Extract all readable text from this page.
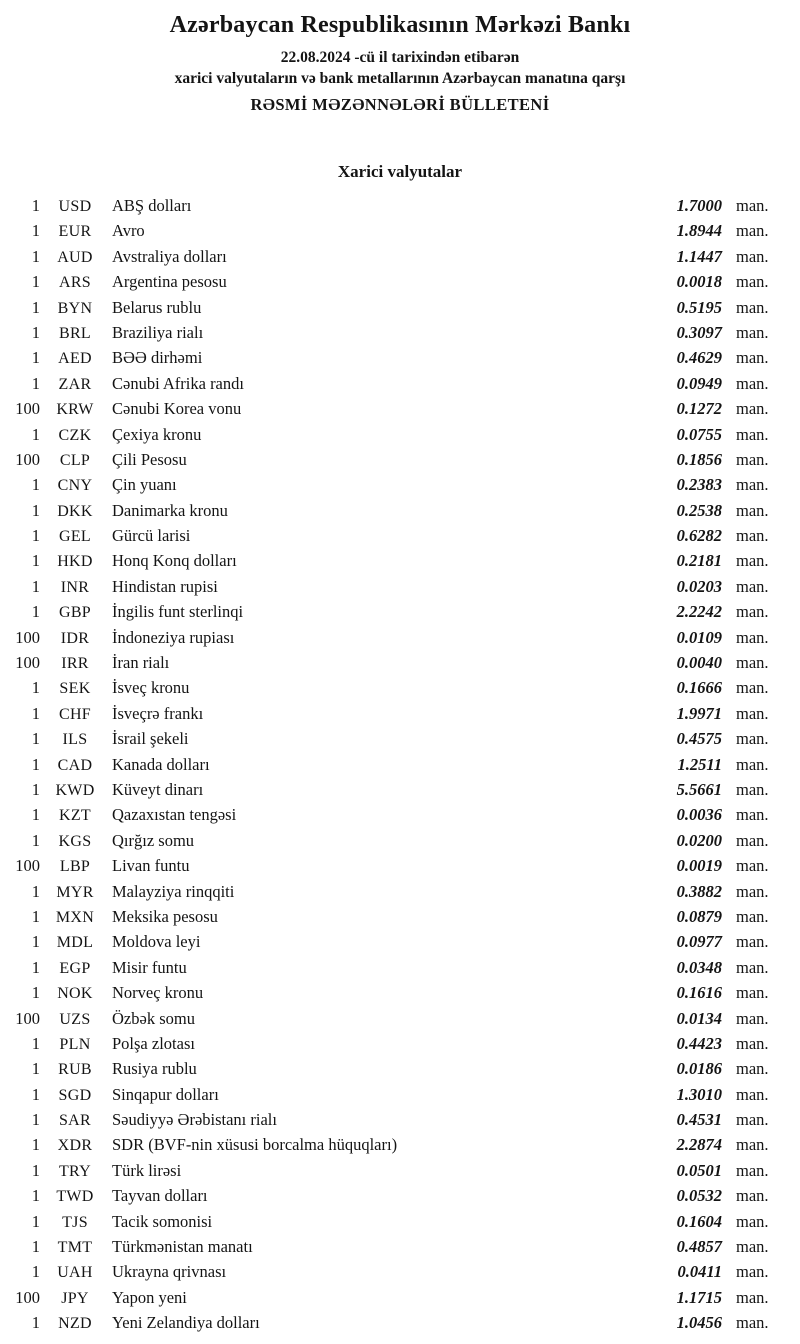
Azərbaycan Respublikasının Mərkəzi Bankı
22.08.2024 -cü il tarixindən etibarən
xarici valyutaların və bank metallarının Azərbaycan manatına qarşı
RƏSMİ MƏZƏNNƏLƏRİ BÜLLETENİ
Xarici valyutalar
1	USD	ABŞ dolları	1.7000 man.
1	EUR	Avro	1.8944 man.
1	AUD	Avstraliya dolları	1.1447 man.
1	ARS	Argentina pesosu	0.0018 man.
1	BYN	Belarus rublu	0.5195 man.
1	BRL	Braziliya rialı	0.3097 man.
1	AED	BƏƏ dirhəmi	0.4629 man.
1	ZAR	Cənubi Afrika randı	0.0949 man.
100	KRW	Cənubi Korea vonu	0.1272 man.
1	CZK	Çexiya kronu	0.0755 man.
100	CLP	Çili Pesosu	0.1856 man.
1	CNY	Çin yuanı	0.2383 man.
1	DKK	Danimarka kronu	0.2538 man.
1	GEL	Gürcü larisi	0.6282 man.
1	HKD	Honq Konq dolları	0.2181 man.
1	INR	Hindistan rupisi	0.0203 man.
1	GBP	İngilis funt sterlinqi	2.2242 man.
100	IDR	İndoneziya rupiası	0.0109 man.
100	IRR	İran rialı	0.0040 man.
1	SEK	İsveç kronu	0.1666 man.
1	CHF	İsveçrə frankı	1.9971 man.
1	ILS	İsrail şekeli	0.4575 man.
1	CAD	Kanada dolları	1.2511 man.
1 KWD	Küveyt dinarı	5.5661 man.
1	KZT	Qazaxıstan tengəsi	0.0036 man.
1	KGS	Qırğız somu	0.0200 man.
100	LBP	Livan funtu	0.0019 man.
1	MYR	Malayziya rinqqiti	0.3882 man.
1 MXN	Meksika pesosu	0.0879 man.
1	MDL	Moldova leyi	0.0977 man.
1	EGP	Misir funtu	0.0348 man.
1	NOK	Norveç kronu	0.1616 man.
100	UZS	Özbək somu	0.0134 man.
1	PLN	Polşa zlotası	0.4423 man.
1	RUB	Rusiya rublu	0.0186 man.
1	SGD	Sinqapur dolları	1.3010 man.
1	SAR	Səudiyyə Ərəbistanı rialı	0.4531 man.
1	XDR	SDR (BVF-nin xüsusi borcalma hüquqları)	2.2874 man.
1	TRY	Türk lirəsi	0.0501 man.
1	TWD	Tayvan dolları	0.0532 man.
1	TJS	Tacik somonisi	0.1604 man.
1	TMT	Türkmənistan manatı	0.4857 man.
1	UAH	Ukrayna qrivnası	0.0411 man.
100	JPY	Yapon yeni	1.1715 man.
1	NZD	Yeni Zelandiya dolları	1.0456 man.
